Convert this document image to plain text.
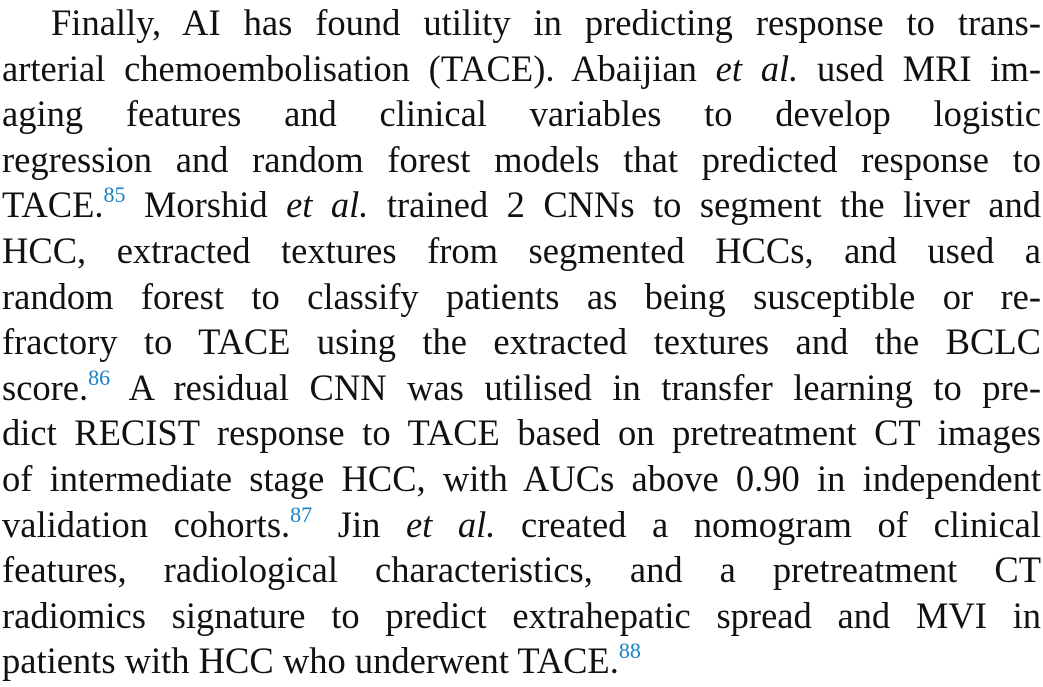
Finally, AI has found utility in predicting response to trans-
arterial chemoembolisation (TACE). Abaijian et al. used MRI im-
aging features and clinical variables to develop logistic
regression and random forest models that predicted response to
TACE.$^{85}$ Morshid et al. trained 2 CNNs to segment the liver and
HCC, extracted textures from segmented HCCs, and used a
random forest to classify patients as being susceptible or re-
fractory to TACE using the extracted textures and the BCLC
score.$^{86}$ A residual CNN was utilised in transfer learning to pre-
dict RECIST response to TACE based on pretreatment CT images
of intermediate stage HCC, with AUCs above 0.90 in independent
validation cohorts.$^{87}$ Jin et al. created a nomogram of clinical
features, radiological characteristics, and a pretreatment CT
radiomics signature to predict extrahepatic spread and MVI in
patients with HCC who underwent TACE.$^{88}$
